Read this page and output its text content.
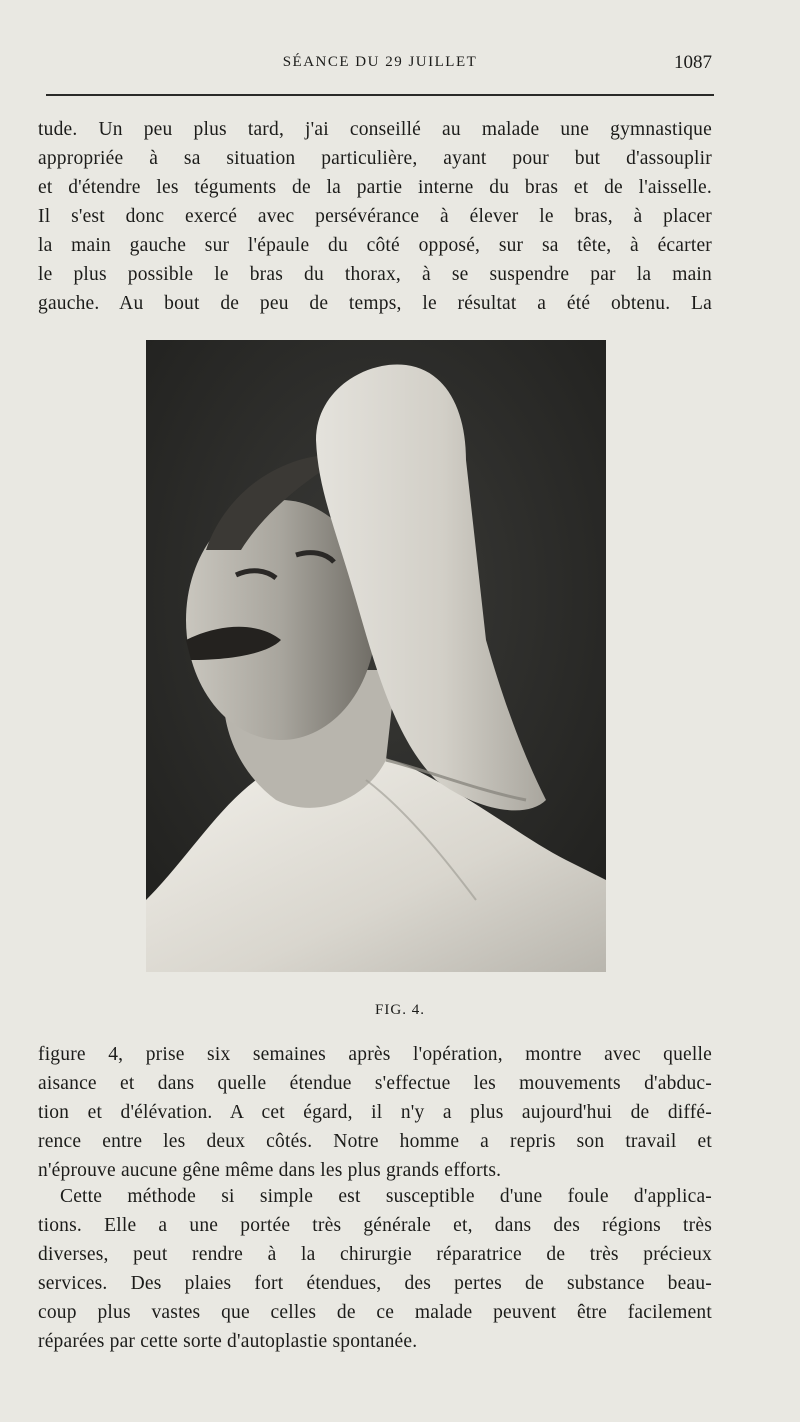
SÉANCE DU 29 JUILLET	1087
tude. Un peu plus tard, j'ai conseillé au malade une gymnastique
appropriée à sa situation particulière, ayant pour but d'assouplir
et d'étendre les téguments de la partie interne du bras et de l'aisselle.
Il s'est donc exercé avec persévérance à élever le bras, à placer
la main gauche sur l'épaule du côté opposé, sur sa tête, à écarter
le plus possible le bras du thorax, à se suspendre par la main
gauche. Au bout de peu de temps, le résultat a été obtenu. La
FIG. 4.
figure 4, prise six semaines après l'opération, montre avec quelle
aisance et dans quelle étendue s'effectue les mouvements d'abduc-
tion et d'élévation. A cet égard, il n'y a plus aujourd'hui de diffé-
rence entre les deux côtés. Notre homme a repris son travail et
n'éprouve aucune gêne même dans les plus grands efforts.
Cette méthode si simple est susceptible d'une foule d'applica-
tions. Elle a une portée très générale et, dans des régions très
diverses, peut rendre à la chirurgie réparatrice de très précieux
services. Des plaies fort étendues, des pertes de substance beau-
coup plus vastes que celles de ce malade peuvent être facilement
réparées par cette sorte d'autoplastie spontanée.
